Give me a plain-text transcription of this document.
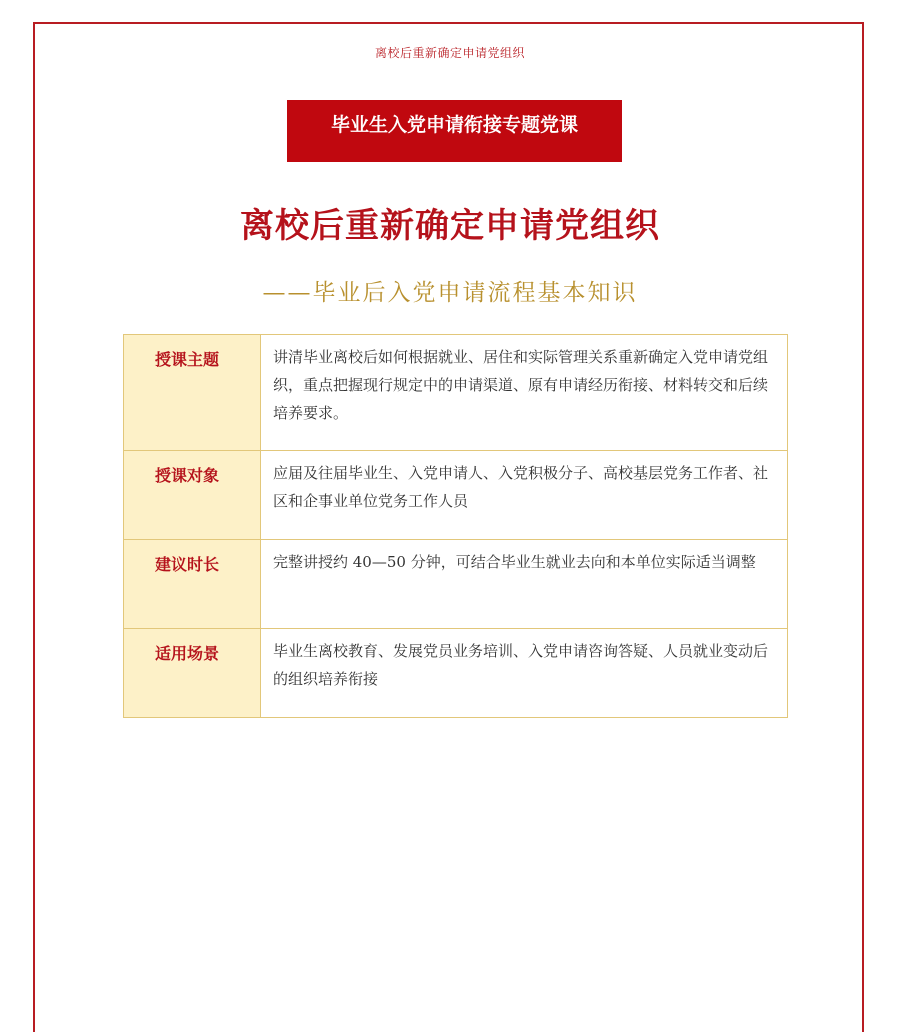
离校后重新确定申请党组织
毕业生入党申请衔接专题党课
离校后重新确定申请党组织
——毕业后入党申请流程基本知识
授课主题	讲清毕业离校后如何根据就业、居住和实际管理关系重新确定入党申请党组织，重点把握现行规定中的申请渠道、原有申请经历衔接、材料转交和后续培养要求。
授课对象	应届及往届毕业生、入党申请人、入党积极分子、高校基层党务工作者、社区和企事业单位党务工作人员
建议时长	完整讲授约 40—50 分钟，可结合毕业生就业去向和本单位实际适当调整
适用场景	毕业生离校教育、发展党员业务培训、入党申请咨询答疑、人员就业变动后的组织培养衔接
